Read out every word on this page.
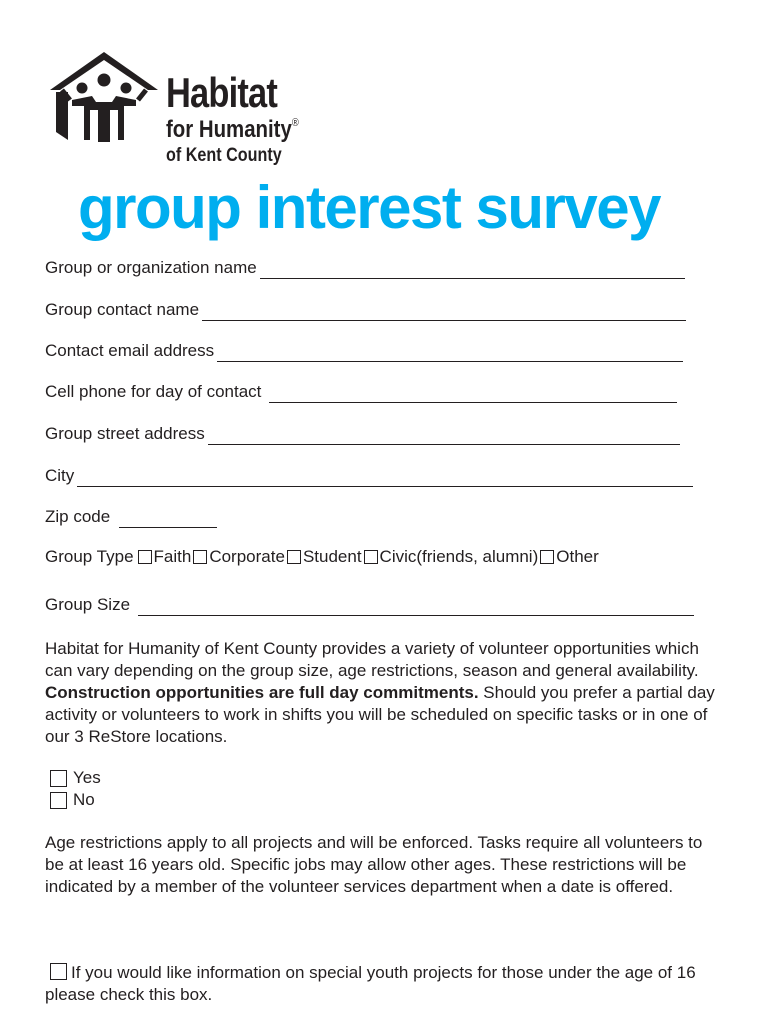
Habitat
for Humanity®
of Kent County
group interest survey
Group or organization name
Group contact name
Contact email address
Cell phone for day of contact
Group street address
City
Zip code
Group Type Faith Corporate Student Civic(friends, alumni) Other
Group Size

Habitat for Humanity of Kent County provides a variety of volunteer opportunities which can vary depending on the group size, age restrictions, season and general availability. Construction opportunities are full day commitments. Should you prefer a partial day activity or volunteers to work in shifts you will be scheduled on specific tasks or in one of our 3 ReStore locations.

Yes
No

Age restrictions apply to all projects and will be enforced. Tasks require all volunteers to be at least 16 years old. Specific jobs may allow other ages. These restrictions will be indicated by a member of the volunteer services department when a date is offered.

If you would like information on special youth projects for those under the age of 16 please check this box.
